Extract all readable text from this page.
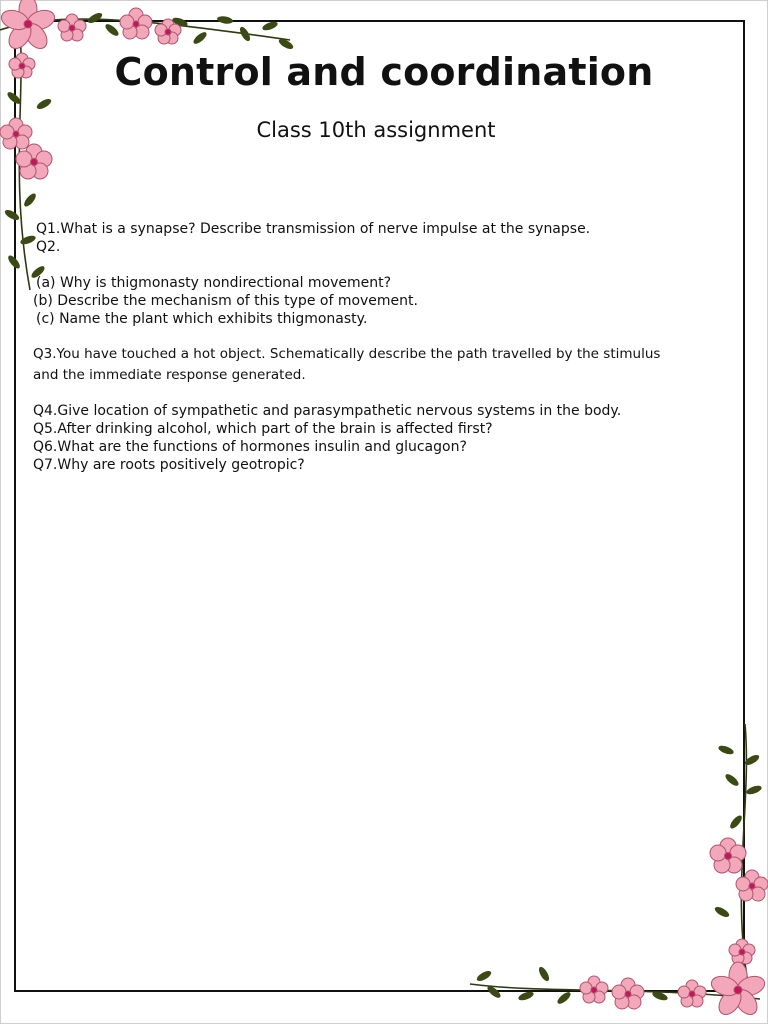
Control and coordination
Class 10th assignment
Q1.What is a synapse? Describe transmission of nerve impulse at the synapse.
Q2.
(a) Why is thigmonasty nondirectional movement?
(b) Describe the mechanism of this type of movement.
(c) Name the plant which exhibits thigmonasty.
Q3.You have touched a hot object. Schematically describe the path travelled by the stimulus
and the immediate response generated.
Q4.Give location of sympathetic and parasympathetic nervous systems in the body.
Q5.After drinking alcohol, which part of the brain is affected first?
Q6.What are the functions of hormones insulin and glucagon?
Q7.Why are roots positively geotropic?
